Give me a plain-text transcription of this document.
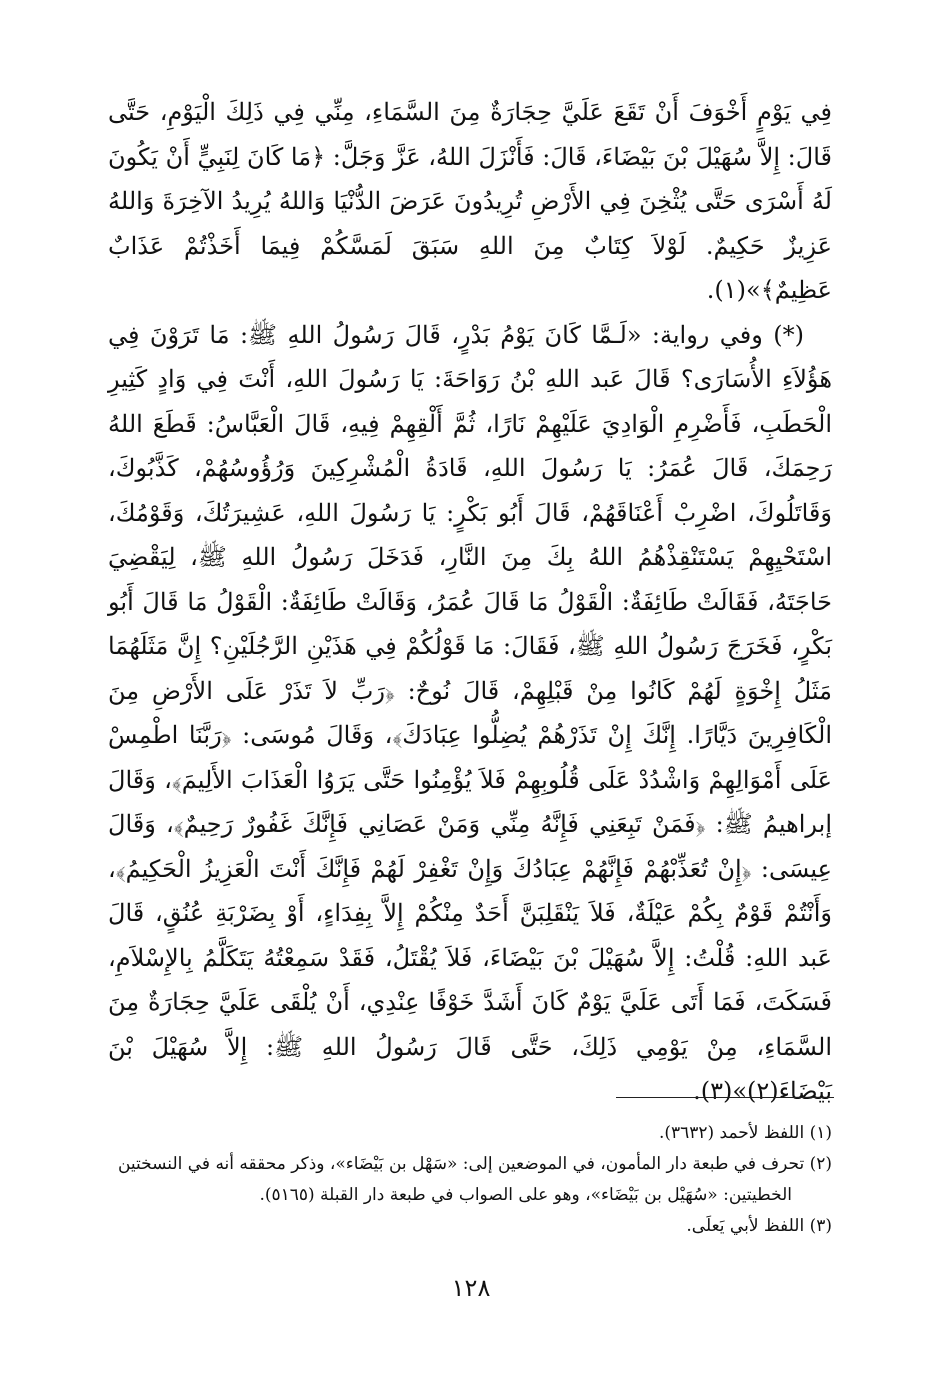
فِي يَوْمٍ أَخْوَفَ أَنْ تَقَعَ عَلَيَّ حِجَارَةٌ مِنَ السَّمَاءِ، مِنِّي فِي ذَلِكَ الْيَوْمِ، حَتَّى قَالَ: إِلاَّ سُهَيْلَ بْنَ بَيْضَاءَ، قَالَ: فَأَنْزَلَ اللهُ، عَزَّ وَجَلَّ: ﴿مَا كَانَ لِنَبِيٍّ أَنْ يَكُونَ لَهُ أَسْرَى حَتَّى يُثْخِنَ فِي الأَرْضِ تُرِيدُونَ عَرَضَ الدُّنْيَا وَاللهُ يُرِيدُ الآخِرَةَ وَاللهُ عَزِيزٌ حَكِيمٌ. لَوْلاَ كِتَابٌ مِنَ اللهِ سَبَقَ لَمَسَّكُمْ فِيمَا أَخَذْتُمْ عَذَابٌ عَظِيمٌ﴾»(١).

(*) وفي رواية: «لَـمَّا كَانَ يَوْمُ بَدْرٍ، قَالَ رَسُولُ اللهِ ﷺ: مَا تَرَوْنَ فِي هَؤُلاَءِ الأُسَارَى؟ قَالَ عَبد اللهِ بْنُ رَوَاحَةَ: يَا رَسُولَ اللهِ، أَنْتَ فِي وَادٍ كَثِيرِ الْحَطَبِ، فَأَضْرِمِ الْوَادِيَ عَلَيْهِمْ نَارًا، ثُمَّ أَلْقِهِمْ فِيهِ، قَالَ الْعَبَّاسُ: قَطَعَ اللهُ رَحِمَكَ، قَالَ عُمَرُ: يَا رَسُولَ اللهِ، قَادَةُ الْمُشْرِكِينَ وَرُؤُوسُهُمْ، كَذَّبُوكَ، وَقَاتَلُوكَ، اضْرِبْ أَعْنَاقَهُمْ، قَالَ أَبُو بَكْرٍ: يَا رَسُولَ اللهِ، عَشِيرَتُكَ، وَقَوْمُكَ، اسْتَحْيِهِمْ يَسْتَنْقِذْهُمُ اللهُ بِكَ مِنَ النَّارِ، فَدَخَلَ رَسُولُ اللهِ ﷺ، لِيَقْضِيَ حَاجَتَهُ، فَقَالَتْ طَائِفَةٌ: الْقَوْلُ مَا قَالَ عُمَرُ، وَقَالَتْ طَائِفَةٌ: الْقَوْلُ مَا قَالَ أَبُو بَكْرٍ، فَخَرَجَ رَسُولُ اللهِ ﷺ، فَقَالَ: مَا قَوْلُكُمْ فِي هَذَيْنِ الرَّجُلَيْنِ؟ إِنَّ مَثَلَهُمَا مَثَلُ إِخْوَةٍ لَهُمْ كَانُوا مِنْ قَبْلِهِمْ، قَالَ نُوحٌ: ﴿رَبِّ لاَ تَذَرْ عَلَى الأَرْضِ مِنَ الْكَافِرِينَ دَيَّارًا. إِنَّكَ إِنْ تَذَرْهُمْ يُضِلُّوا عِبَادَكَ﴾، وَقَالَ مُوسَى: ﴿رَبَّنَا اطْمِسْ عَلَى أَمْوَالِهِمْ وَاشْدُدْ عَلَى قُلُوبِهِمْ فَلاَ يُؤْمِنُوا حَتَّى يَرَوُا الْعَذَابَ الأَلِيمَ﴾، وَقَالَ إبراهيمُ ﷺ: ﴿فَمَنْ تَبِعَنِي فَإِنَّهُ مِنِّي وَمَنْ عَصَانِي فَإِنَّكَ غَفُورٌ رَحِيمٌ﴾، وَقَالَ عِيسَى: ﴿إِنْ تُعَذِّبْهُمْ فَإِنَّهُمْ عِبَادُكَ وَإِنْ تَغْفِرْ لَهُمْ فَإِنَّكَ أَنْتَ الْعَزِيزُ الْحَكِيمُ﴾، وَأَنْتُمْ قَوْمٌ بِكُمْ عَيْلَةٌ، فَلاَ يَنْقَلِبَنَّ أَحَدٌ مِنْكُمْ إِلاَّ بِفِدَاءٍ، أَوْ بِضَرْبَةِ عُنُقٍ، قَالَ عَبد اللهِ: قُلْتُ: إِلاَّ سُهَيْلَ بْنَ بَيْضَاءَ، فَلاَ يُقْتَلُ، فَقَدْ سَمِعْتُهُ يَتَكَلَّمُ بِالإِسْلاَمِ، فَسَكَتَ، فَمَا أَتَى عَلَيَّ يَوْمٌ كَانَ أَشَدَّ خَوْفًا عِنْدِي، أَنْ يُلْقَى عَلَيَّ حِجَارَةٌ مِنَ السَّمَاءِ، مِنْ يَوْمِي ذَلِكَ، حَتَّى قَالَ رَسُولُ اللهِ ﷺ: إِلاَّ سُهَيْلَ بْنَ بَيْضَاءَ(٢)»(٣).

(١) اللفظ لأحمد (٣٦٣٢).

(٢) تحرف في طبعة دار المأمون، في الموضعين إلى: «سَهْل بن بَيْضَاء»، وذكر محققه أنه في النسختين

الخطيتين: «سُهَيْل بن بَيْضَاء»، وهو على الصواب في طبعة دار القبلة (٥١٦٥).

(٣) اللفظ لأبي يَعلَى.

١٢٨
